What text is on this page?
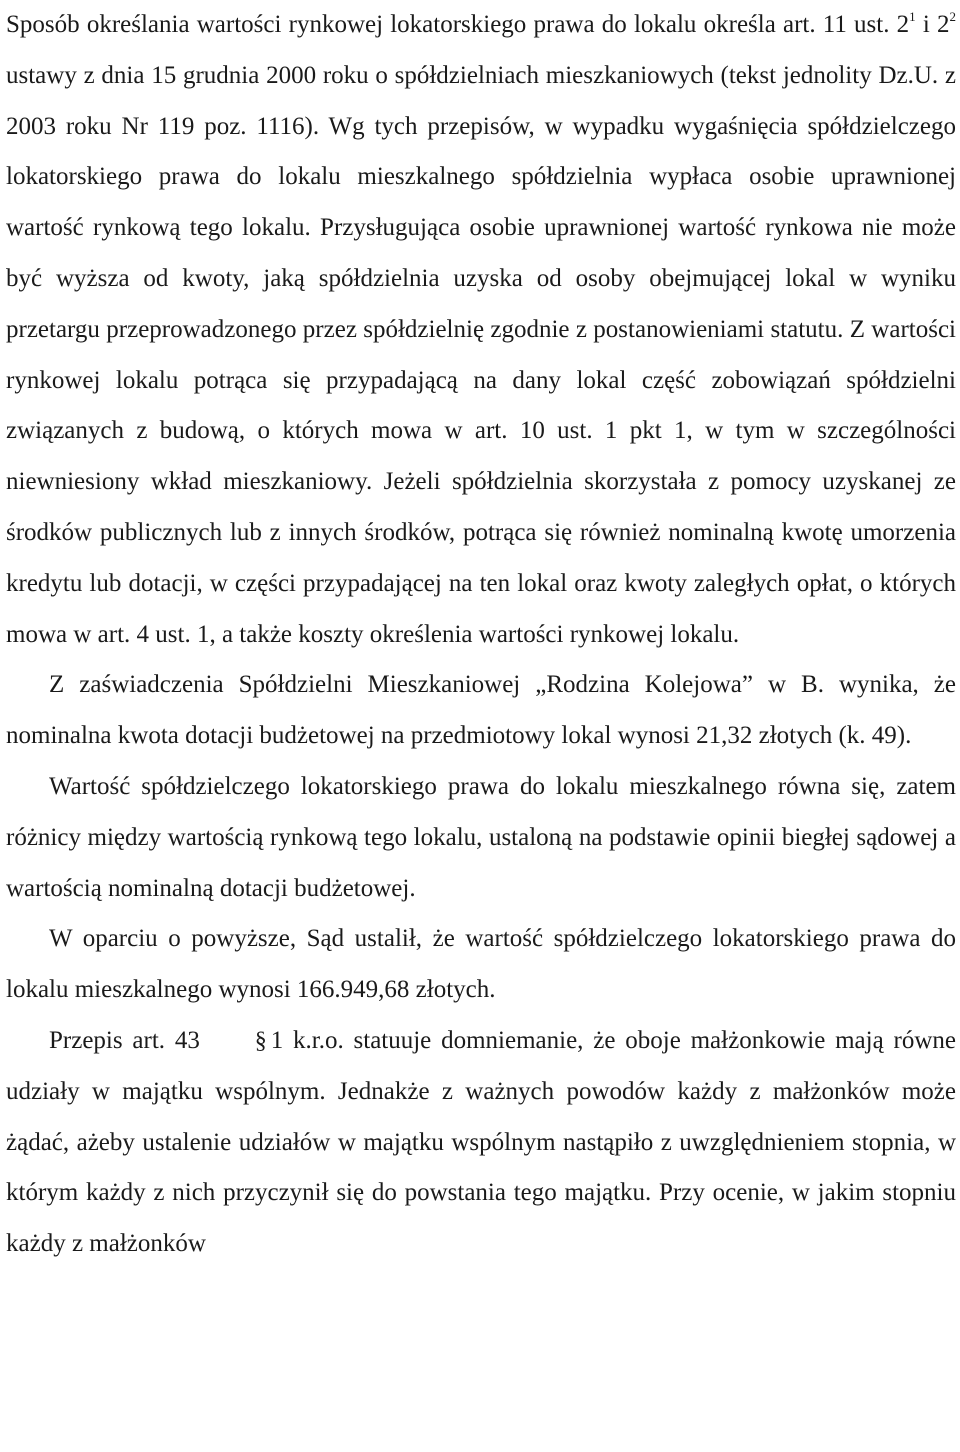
Sposób określania wartości rynkowej lokatorskiego prawa do lokalu określa art. 11 ust. $2^1$ i $2^2$ ustawy z dnia 15 grudnia 2000 roku o spółdzielniach mieszkaniowych (tekst jednolity Dz.U. z 2003 roku Nr 119 poz. 1116). Wg tych przepisów, w wypadku wygaśnięcia spółdzielczego lokatorskiego prawa do lokalu mieszkalnego spółdzielnia wypłaca osobie uprawnionej wartość rynkową tego lokalu. Przysługująca osobie uprawnionej wartość rynkowa nie może być wyższa od kwoty, jaką spółdzielnia uzyska od osoby obejmującej lokal w wyniku przetargu przeprowadzonego przez spółdzielnię zgodnie z postanowieniami statutu. Z wartości rynkowej lokalu potrąca się przypadającą na dany lokal część zobowiązań spółdzielni związanych z budową, o których mowa w art. 10 ust. 1 pkt 1, w tym w szczególności niewniesiony wkład mieszkaniowy. Jeżeli spółdzielnia skorzystała z pomocy uzyskanej ze środków publicznych lub z innych środków, potrąca się również nominalną kwotę umorzenia kredytu lub dotacji, w części przypadającej na ten lokal oraz kwoty zaległych opłat, o których mowa w art. 4 ust. 1, a także koszty określenia wartości rynkowej lokalu.

Z zaświadczenia Spółdzielni Mieszkaniowej „Rodzina Kolejowa” w B. wynika, że nominalna kwota dotacji budżetowej na przedmiotowy lokal wynosi 21,32 złotych (k. 49).

Wartość spółdzielczego lokatorskiego prawa do lokalu mieszkalnego równa się, zatem różnicy między wartością rynkową tego lokalu, ustaloną na podstawie opinii biegłej sądowej a wartością nominalną dotacji budżetowej.

W oparciu o powyższe, Sąd ustalił, że wartość spółdzielczego lokatorskiego prawa do lokalu mieszkalnego wynosi 166.949,68 złotych.

Przepis art. 43 § 1 k.r.o. statuuje domniemanie, że oboje małżonkowie mają równe udziały w majątku wspólnym. Jednakże z ważnych powodów każdy z małżonków może żądać, ażeby ustalenie udziałów w majątku wspólnym nastąpiło z uwzględnieniem stopnia, w którym każdy z nich przyczynił się do powstania tego majątku. Przy ocenie, w jakim stopniu każdy z małżonków
